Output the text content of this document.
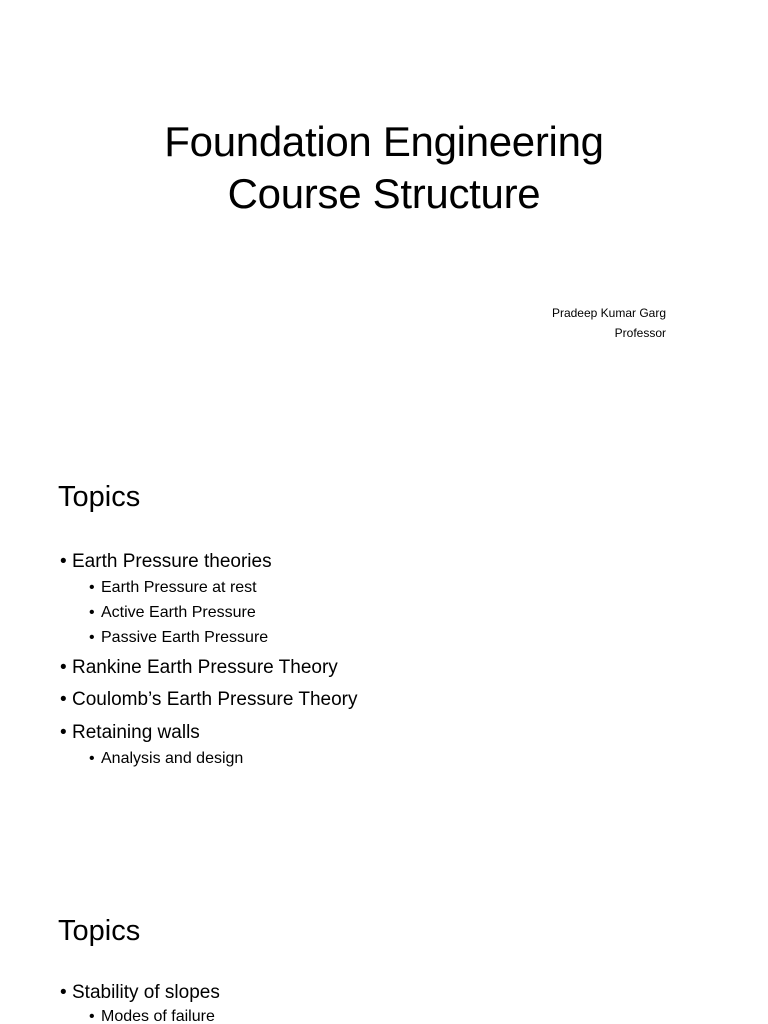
Foundation Engineering
Course Structure
Pradeep Kumar Garg
Professor
Topics
• Earth Pressure theories
• Earth Pressure at rest
• Active Earth Pressure
• Passive Earth Pressure
• Rankine Earth Pressure Theory
• Coulomb’s Earth Pressure Theory
• Retaining walls
• Analysis and design
Topics
• Stability of slopes
• Modes of failure
